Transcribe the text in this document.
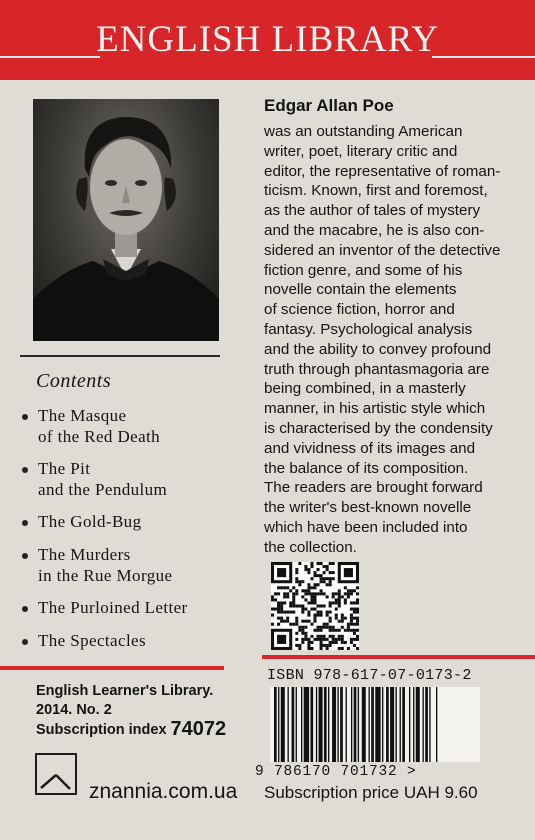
ENGLISH LIBRARY
Contents
The Masque
of the Red Death
The Pit
and the Pendulum
The Gold-Bug
The Murders
in the Rue Morgue
The Purloined Letter
The Spectacles
English Learner's Library.
2014. No. 2
Subscription index 74072
znannia.com.ua
Edgar Allan Poe
was an outstanding American
writer, poet, literary critic and
editor, the representative of roman-
ticism. Known, first and foremost,
as the author of tales of mystery
and the macabre, he is also con-
sidered an inventor of the detective
fiction genre, and some of his
novelle contain the elements
of science fiction, horror and
fantasy. Psychological analysis
and the ability to convey profound
truth through phantasmagoria are
being combined, in a masterly
manner, in his artistic style which
is characterised by the condensity
and vividness of its images and
the balance of its composition.
The readers are brought forward
the writer's best-known novelle
which have been included into
the collection.
ISBN 978-617-07-0173-2
9 786170 701732 >
Subscription price UAH 9.60
